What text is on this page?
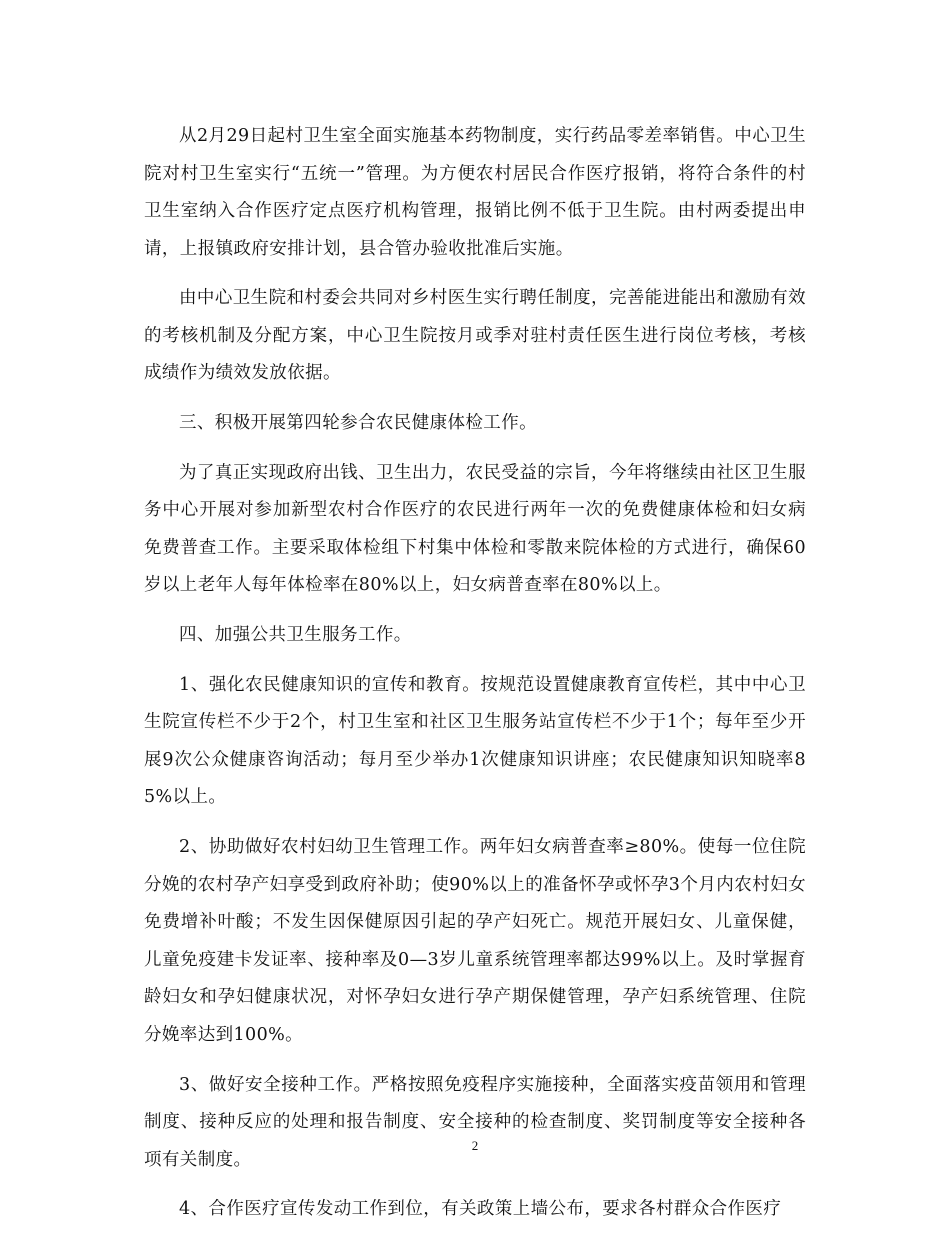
从2月29日起村卫生室全面实施基本药物制度，实行药品零差率销售。中心卫生院对村卫生室实行“五统一”管理。为方便农村居民合作医疗报销，将符合条件的村卫生室纳入合作医疗定点医疗机构管理，报销比例不低于卫生院。由村两委提出申请，上报镇政府安排计划，县合管办验收批准后实施。

由中心卫生院和村委会共同对乡村医生实行聘任制度，完善能进能出和激励有效的考核机制及分配方案，中心卫生院按月或季对驻村责任医生进行岗位考核，考核成绩作为绩效发放依据。

三、积极开展第四轮参合农民健康体检工作。

为了真正实现政府出钱、卫生出力，农民受益的宗旨，今年将继续由社区卫生服务中心开展对参加新型农村合作医疗的农民进行两年一次的免费健康体检和妇女病免费普查工作。主要采取体检组下村集中体检和零散来院体检的方式进行，确保60岁以上老年人每年体检率在80%以上，妇女病普查率在80%以上。

四、加强公共卫生服务工作。

1、强化农民健康知识的宣传和教育。按规范设置健康教育宣传栏，其中中心卫生院宣传栏不少于2个，村卫生室和社区卫生服务站宣传栏不少于1个；每年至少开展9次公众健康咨询活动；每月至少举办1次健康知识讲座；农民健康知识知晓率85%以上。

2、协助做好农村妇幼卫生管理工作。两年妇女病普查率≥80%。使每一位住院分娩的农村孕产妇享受到政府补助；使90%以上的准备怀孕或怀孕3个月内农村妇女免费增补叶酸；不发生因保健原因引起的孕产妇死亡。规范开展妇女、儿童保健，儿童免疫建卡发证率、接种率及0—3岁儿童系统管理率都达99%以上。及时掌握育龄妇女和孕妇健康状况，对怀孕妇女进行孕产期保健管理，孕产妇系统管理、住院分娩率达到100%。

3、做好安全接种工作。严格按照免疫程序实施接种，全面落实疫苗领用和管理制度、接种反应的处理和报告制度、安全接种的检查制度、奖罚制度等安全接种各项有关制度。

4、合作医疗宣传发动工作到位，有关政策上墙公布，要求各村群众合作医疗

2
